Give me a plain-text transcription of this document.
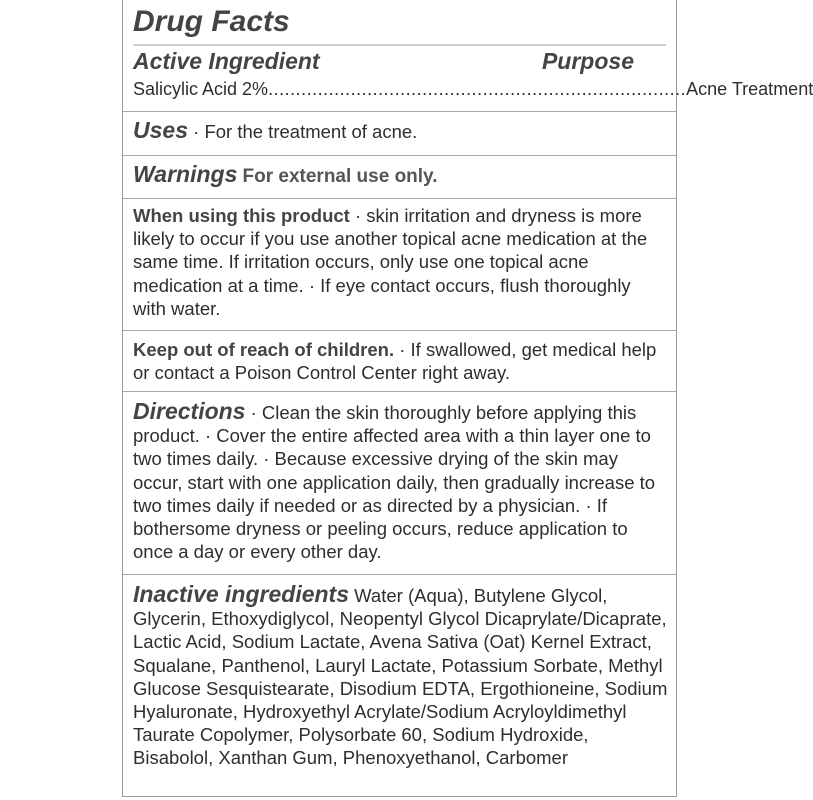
Drug Facts
Active Ingredient	Purpose
Salicylic Acid 2% ............................................................................ Acne Treatment
Uses · For the treatment of acne.
Warnings For external use only.
When using this product · skin irritation and dryness is more likely to occur if you use another topical acne medication at the same time. If irritation occurs, only use one topical acne medication at a time. · If eye contact occurs, flush thoroughly with water.
Keep out of reach of children. · If swallowed, get medical help or contact a Poison Control Center right away.
Directions · Clean the skin thoroughly before applying this product. · Cover the entire affected area with a thin layer one to two times daily. · Because excessive drying of the skin may occur, start with one application daily, then gradually increase to two times daily if needed or as directed by a physician. · If bothersome dryness or peeling occurs, reduce application to once a day or every other day.
Inactive ingredients Water (Aqua), Butylene Glycol, Glycerin, Ethoxydiglycol, Neopentyl Glycol Dicaprylate/Dicaprate, Lactic Acid, Sodium Lactate, Avena Sativa (Oat) Kernel Extract, Squalane, Panthenol, Lauryl Lactate, Potassium Sorbate, Methyl Glucose Sesquistearate, Disodium EDTA, Ergothioneine, Sodium Hyaluronate, Hydroxyethyl Acrylate/Sodium Acryloyldimethyl Taurate Copolymer, Polysorbate 60, Sodium Hydroxide, Bisabolol, Xanthan Gum, Phenoxyethanol, Carbomer
